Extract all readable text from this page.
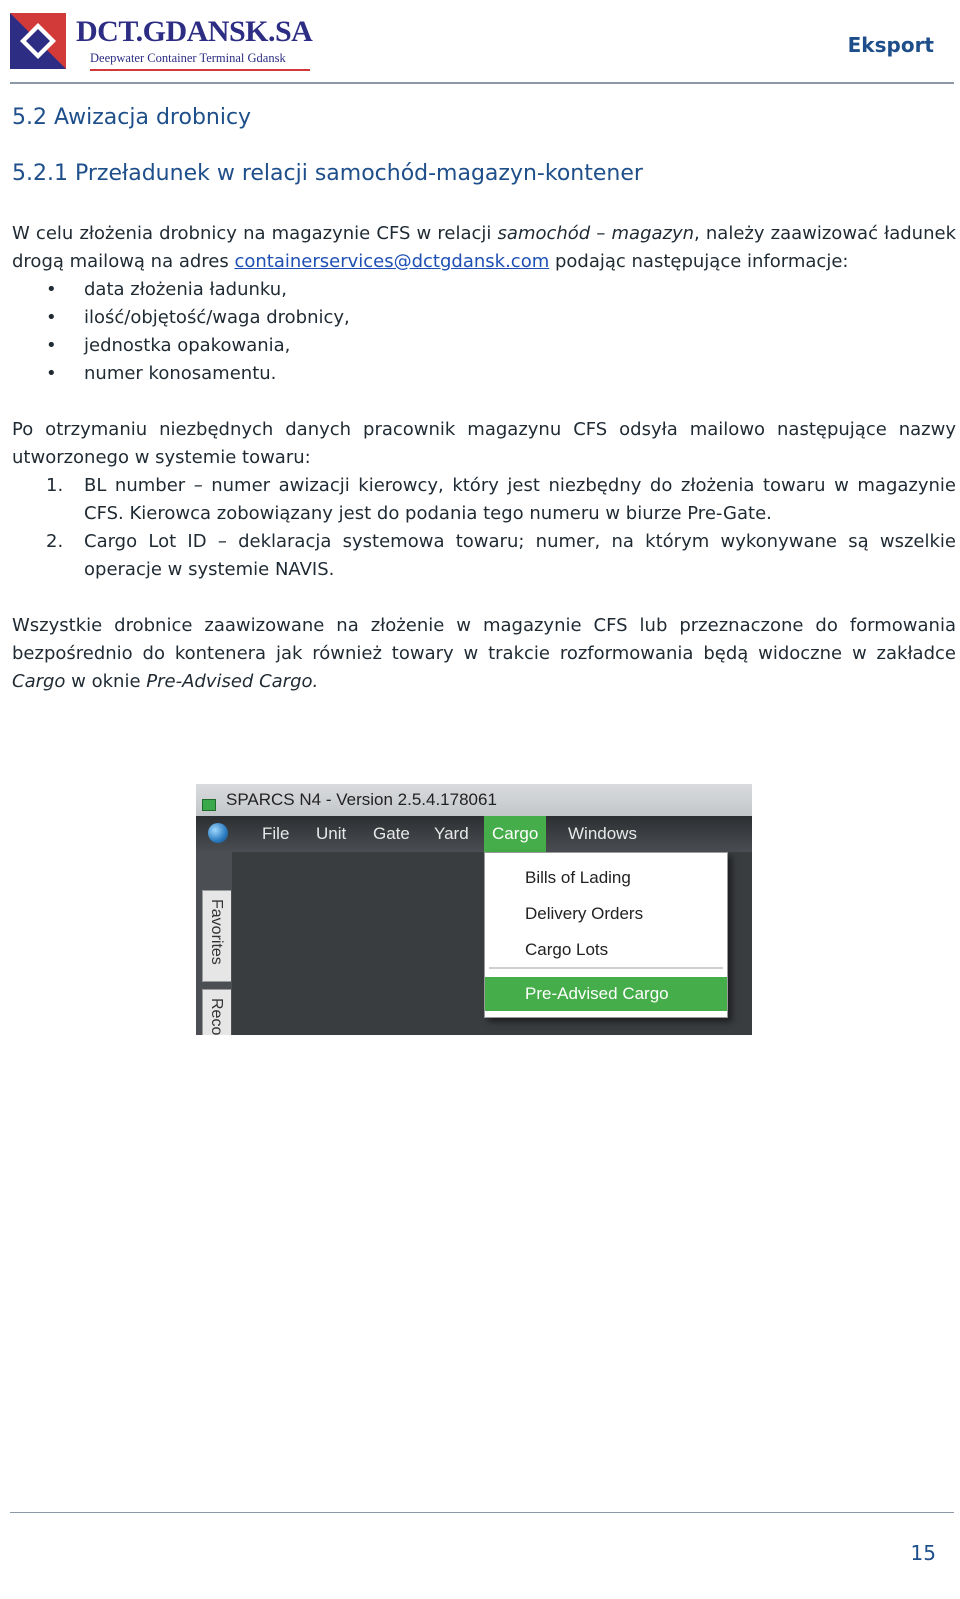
DCT.GDANSK.SA
Deepwater Container Terminal Gdansk
Eksport
5.2 Awizacja drobnicy
5.2.1 Przeładunek w relacji samochód-magazyn-kontener

W celu złożenia drobnicy na magazynie CFS w relacji samochód – magazyn, należy zaawizować ładunek drogą mailową na adres containerservices@dctgdansk.com podając następujące informacje:

• data złożenia ładunku,
• ilość/objętość/waga drobnicy,
• jednostka opakowania,
• numer konosamentu.

Po otrzymaniu niezbędnych danych pracownik magazynu CFS odsyła mailowo następujące nazwy utworzonego w systemie towaru:

1. BL number – numer awizacji kierowcy, który jest niezbędny do złożenia towaru w magazynie CFS. Kierowca zobowiązany jest do podania tego numeru w biurze Pre-Gate.
2. Cargo Lot ID – deklaracja systemowa towaru; numer, na którym wykonywane są wszelkie operacje w systemie NAVIS.

Wszystkie drobnice zaawizowane na złożenie w magazynie CFS lub przeznaczone do formowania bezpośrednio do kontenera jak również towary w trakcie rozformowania będą widoczne w zakładce Cargo w oknie Pre-Advised Cargo.

SPARCS N4 - Version 2.5.4.178061
File	Unit	Gate	Yard	Cargo	Windows
Favorites
Reco
Bills of Lading
Delivery Orders
Cargo Lots
Pre-Advised Cargo
15
